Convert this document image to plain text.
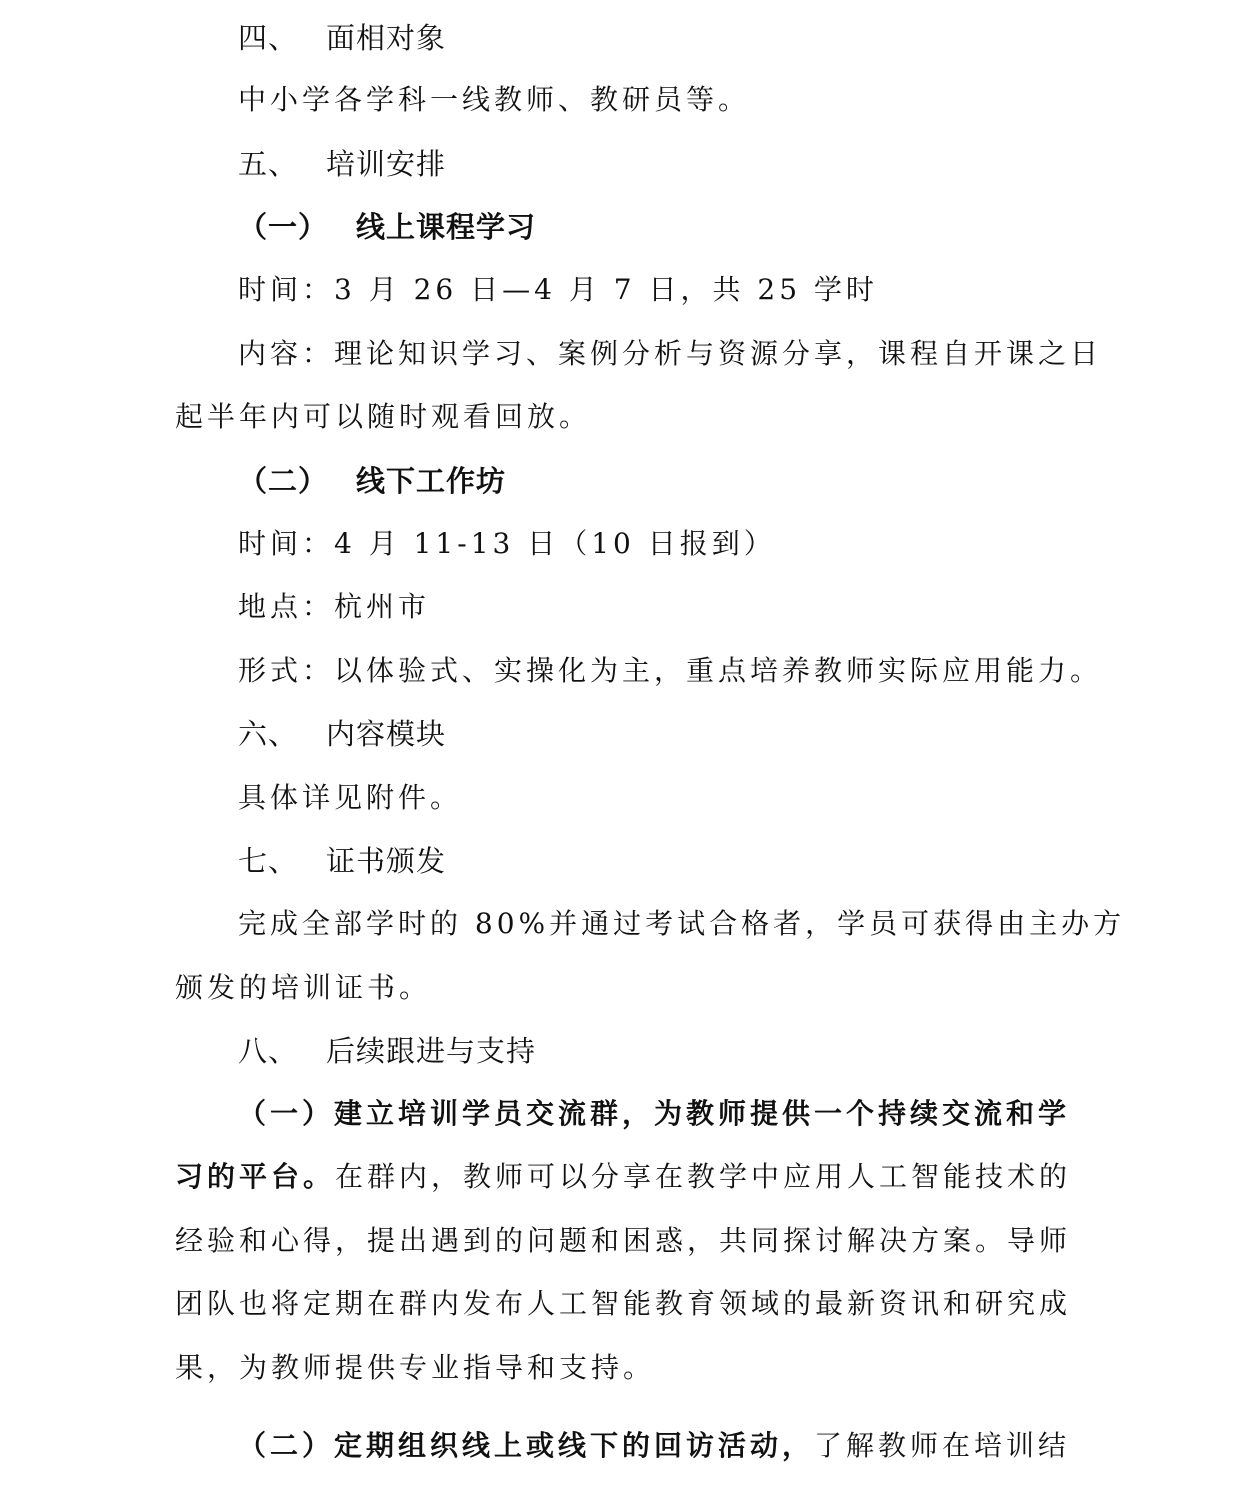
四、 面相对象
中小学各学科一线教师、教研员等。
五、 培训安排
（一） 线上课程学习
时间：3 月 26 日—4 月 7 日，共 25 学时
内容：理论知识学习、案例分析与资源分享，课程自开课之日
起半年内可以随时观看回放。
（二） 线下工作坊
时间：4 月 11-13 日（10 日报到）
地点：杭州市
形式：以体验式、实操化为主，重点培养教师实际应用能力。
六、 内容模块
具体详见附件。
七、 证书颁发
完成全部学时的 80%并通过考试合格者，学员可获得由主办方
颁发的培训证书。
八、 后续跟进与支持
（一）建立培训学员交流群，为教师提供一个持续交流和学
习的平台。在群内，教师可以分享在教学中应用人工智能技术的
经验和心得，提出遇到的问题和困惑，共同探讨解决方案。导师
团队也将定期在群内发布人工智能教育领域的最新资讯和研究成
果，为教师提供专业指导和支持。
（二）定期组织线上或线下的回访活动，了解教师在培训结
